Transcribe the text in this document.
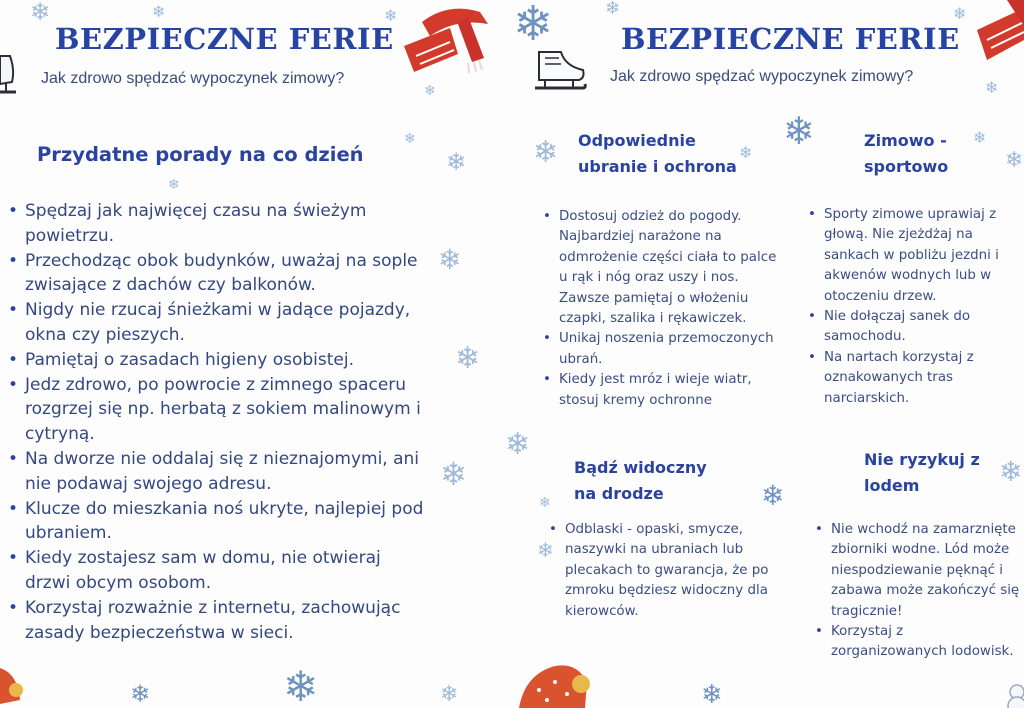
BEZPIECZNE FERIE

Jak zdrowo spędzać wypoczynek zimowy?

Przydatne porady na co dzień
• Spędzaj jak najwięcej czasu na świeżym powietrzu.
• Przechodząc obok budynków, uważaj na sople zwisające z dachów czy balkonów.
• Nigdy nie rzucaj śnieżkami w jadące pojazdy, okna czy pieszych.
• Pamiętaj o zasadach higieny osobistej.
• Jedz zdrowo, po powrocie z zimnego spaceru rozgrzej się np. herbatą z sokiem malinowym i cytryną.
• Na dworze nie oddalaj się z nieznajomymi, ani nie podawaj swojego adresu.
• Klucze do mieszkania noś ukryte, najlepiej pod ubraniem.
• Kiedy zostajesz sam w domu, nie otwieraj drzwi obcym osobom.
• Korzystaj rozważnie z internetu, zachowując zasady bezpieczeństwa w sieci.
❄	❄	❄
❄
❄
❄
❄
❄
❄
❄
❄	❄	❄
BEZPIECZNE FERIE

Jak zdrowo spędzać wypoczynek zimowy?

Odpowiednie ubranie i ochrona
• Dostosuj odzież do pogody. Najbardziej narażone na odmrożenie części ciała to palce u rąk i nóg oraz uszy i nos. Zawsze pamiętaj o włożeniu czapki, szalika i rękawiczek.
• Unikaj noszenia przemoczonych ubrań.
• Kiedy jest mróz i wieje wiatr, stosuj kremy ochronne
Zimowo - sportowo
• Sporty zimowe uprawiaj z głową. Nie zjeżdżaj na sankach w pobliżu jezdni i akwenów wodnych lub w otoczeniu drzew.
• Nie dołączaj sanek do samochodu.
• Na nartach korzystaj z oznakowanych tras narciarskich.
Bądź widoczny na drodze
• Odblaski - opaski, smycze, naszywki na ubraniach lub plecakach to gwarancja, że po zmroku będziesz widoczny dla kierowców.
Nie ryzykuj z lodem
• Nie wchodź na zamarznięte zbiorniki wodne. Lód może niespodziewanie pęknąć i zabawa może zakończyć się tragicznie!
• Korzystaj z zorganizowanych lodowisk.
❄	❄	❄
❄
❄	❄
❄	❄	❄
❄
❄
❄	❄
❄
❄
